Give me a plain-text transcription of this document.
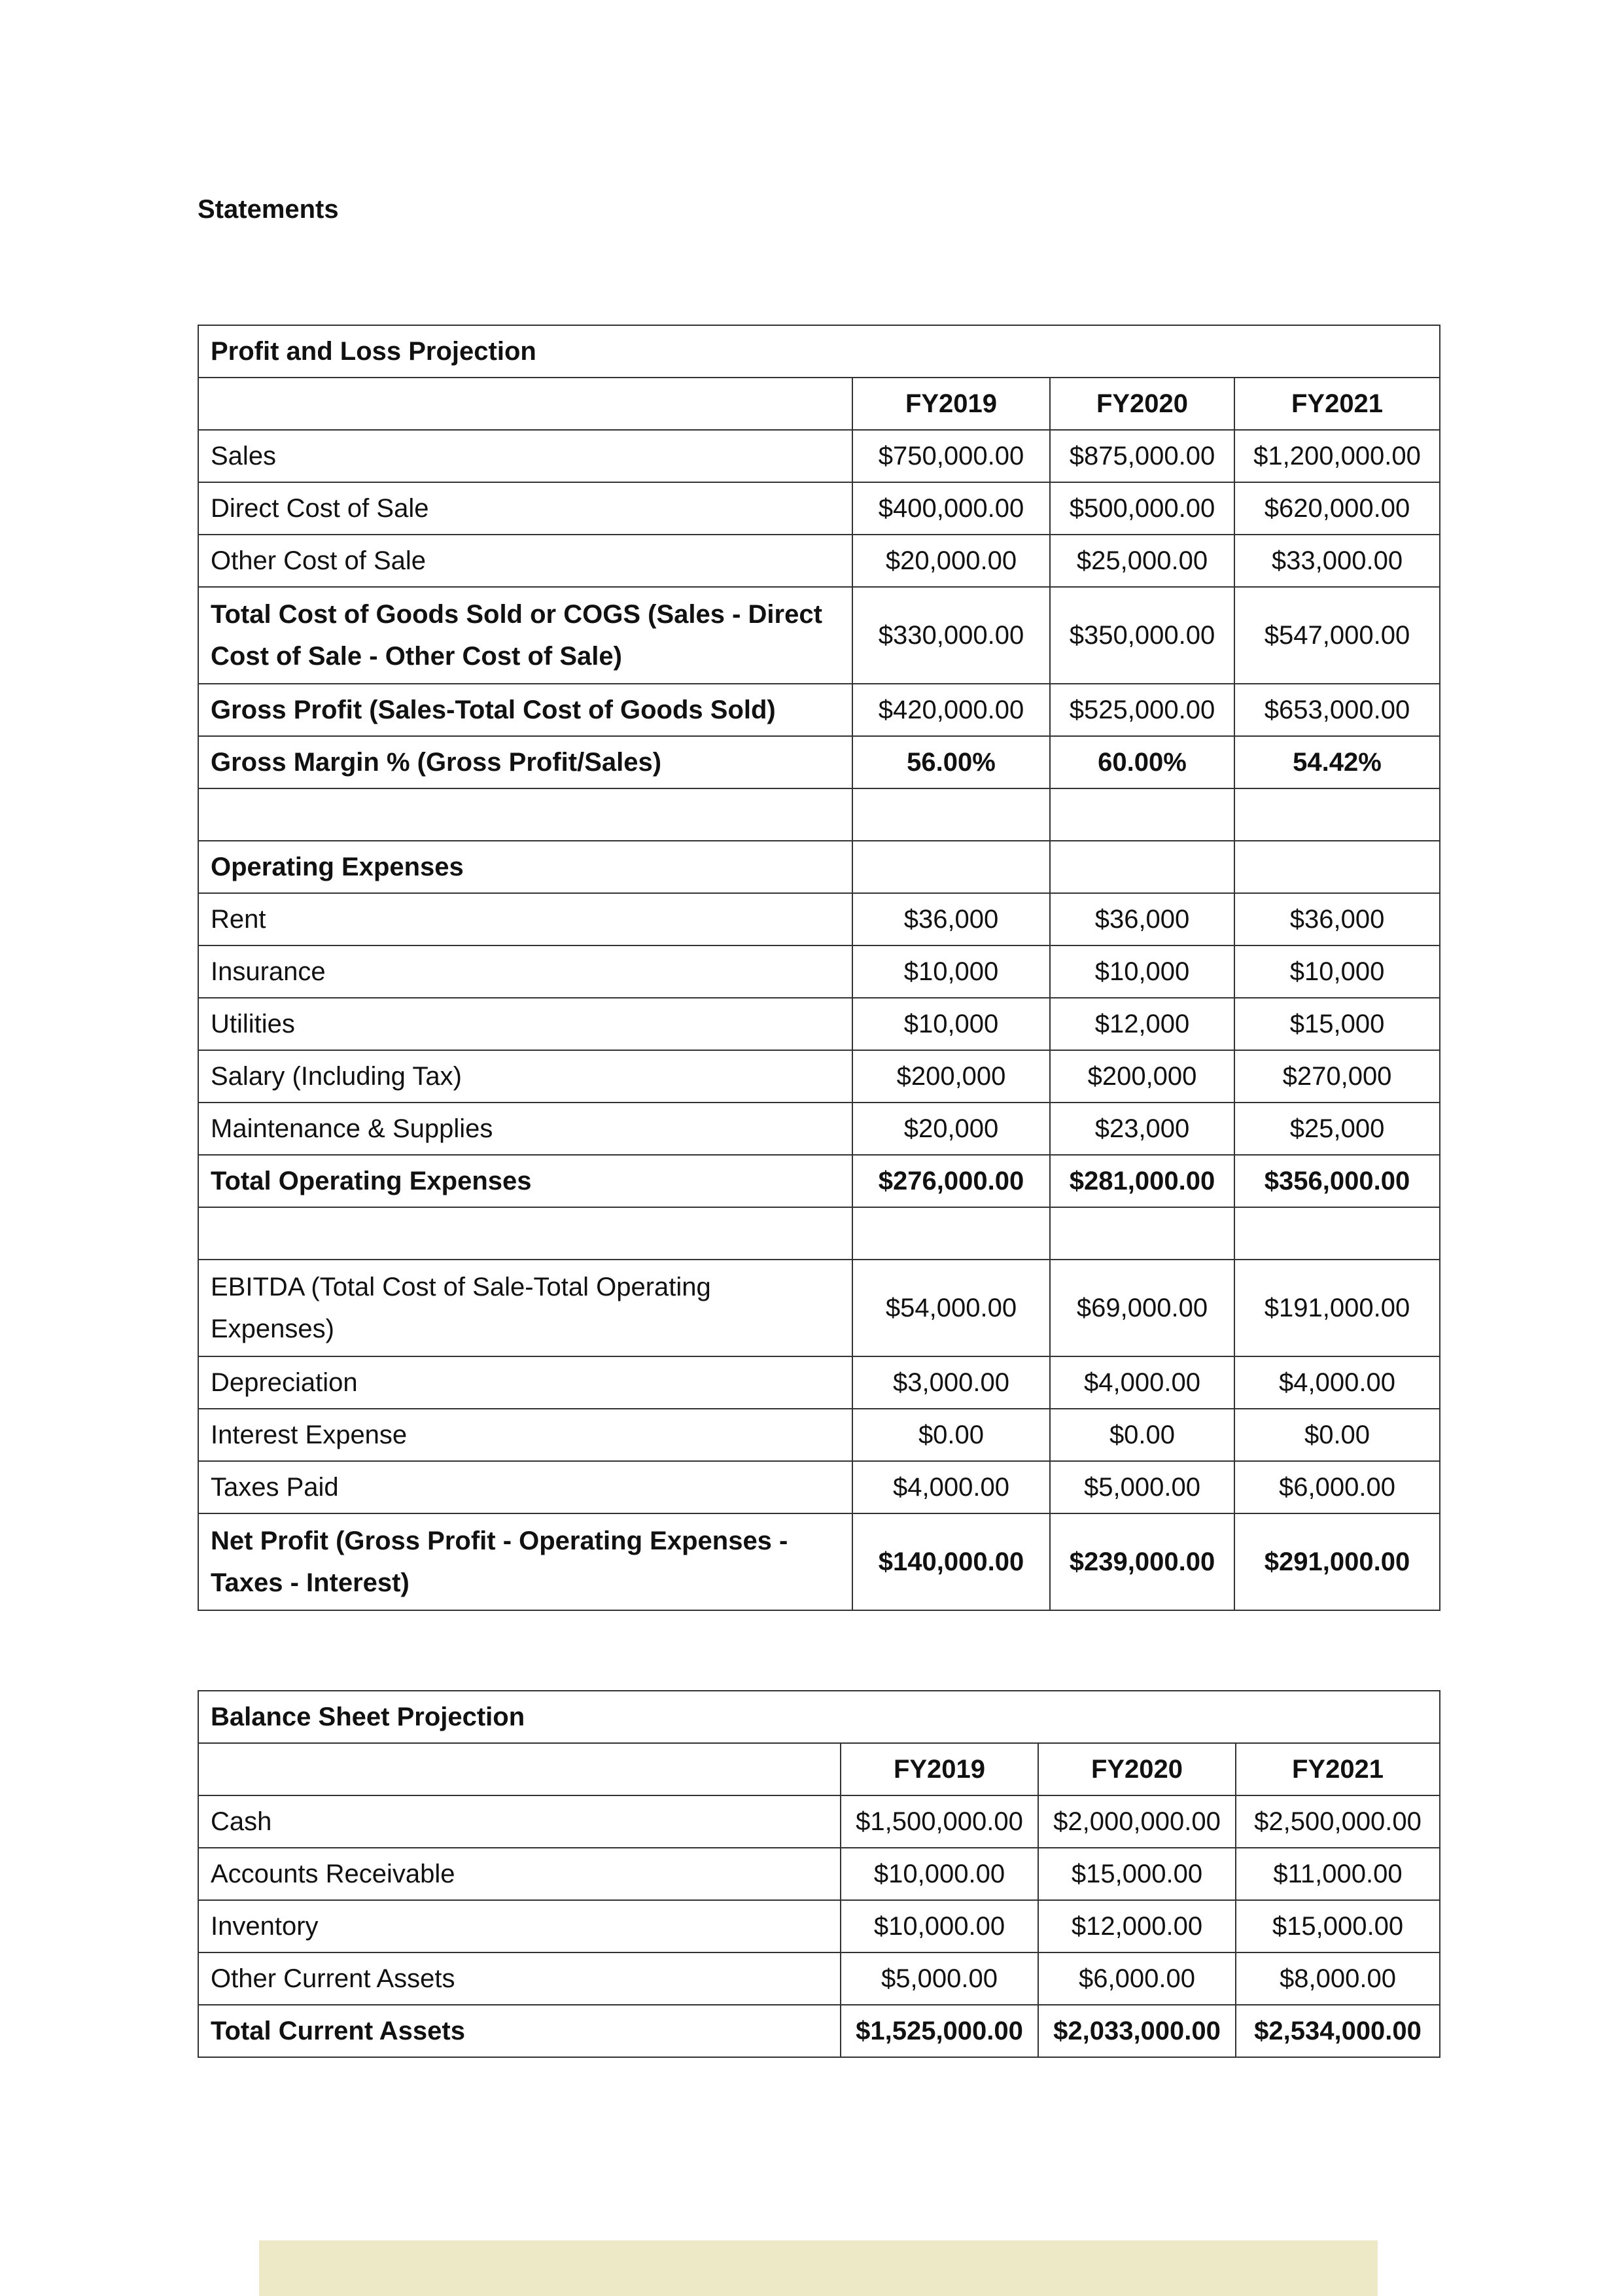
Statements
Profit and Loss Projection			
	FY2019	FY2020	FY2021
Sales	$750,000.00	$875,000.00	$1,200,000.00
Direct Cost of Sale	$400,000.00	$500,000.00	$620,000.00
Other Cost of Sale	$20,000.00	$25,000.00	$33,000.00
Total Cost of Goods Sold or COGS (Sales - Direct Cost of Sale - Other Cost of Sale)	$330,000.00	$350,000.00	$547,000.00
Gross Profit (Sales-Total Cost of Goods Sold)	$420,000.00	$525,000.00	$653,000.00
Gross Margin % (Gross Profit/Sales)	56.00%	60.00%	54.42%

Operating Expenses			
Rent	$36,000	$36,000	$36,000
Insurance	$10,000	$10,000	$10,000
Utilities	$10,000	$12,000	$15,000
Salary (Including Tax)	$200,000	$200,000	$270,000
Maintenance & Supplies	$20,000	$23,000	$25,000
Total Operating Expenses	$276,000.00	$281,000.00	$356,000.00

EBITDA (Total Cost of Sale-Total Operating Expenses)	$54,000.00	$69,000.00	$191,000.00
Depreciation	$3,000.00	$4,000.00	$4,000.00
Interest Expense	$0.00	$0.00	$0.00
Taxes Paid	$4,000.00	$5,000.00	$6,000.00
Net Profit (Gross Profit - Operating Expenses - Taxes - Interest)	$140,000.00	$239,000.00	$291,000.00
Balance Sheet Projection			
	FY2019	FY2020	FY2021
Cash	$1,500,000.00	$2,000,000.00	$2,500,000.00
Accounts Receivable	$10,000.00	$15,000.00	$11,000.00
Inventory	$10,000.00	$12,000.00	$15,000.00
Other Current Assets	$5,000.00	$6,000.00	$8,000.00
Total Current Assets	$1,525,000.00	$2,033,000.00	$2,534,000.00
